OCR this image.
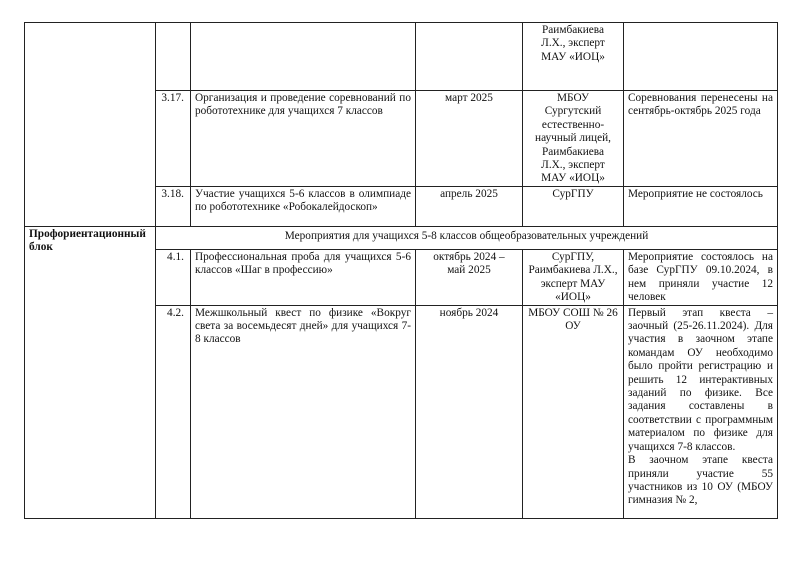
				Раимбакиева Л.Х., эксперт МАУ «ИОЦ»	
	3.17.	Организация и проведение соревнований по робототехнике для учащихся 7 классов	март 2025	МБОУ Сургутский естественно-научный лицей, Раимбакиева Л.Х., эксперт МАУ «ИОЦ»	Соревнования перенесены на сентябрь-октябрь 2025 года
	3.18.	Участие учащихся 5-6 классов в олимпиаде по робототехнике «Робокалейдоскоп»	апрель 2025	СурГПУ	Мероприятие не состоялось
Профориентационный блок	Мероприятия для учащихся 5-8 классов общеобразовательных учреждений				
	4.1.	Профессиональная проба для учащихся 5-6 классов «Шаг в профессию»	октябрь 2024 – май 2025	СурГПУ, Раимбакиева Л.Х., эксперт МАУ «ИОЦ»	Мероприятие состоялось на базе СурГПУ 09.10.2024, в нем приняли участие 12 человек
	4.2.	Межшкольный квест по физике «Вокруг света за восемьдесят дней» для учащихся 7-8 классов	ноябрь 2024	МБОУ СОШ № 26 ОУ	Первый этап квеста – заочный (25-26.11.2024). Для участия в заочном этапе командам ОУ необходимо было пройти регистрацию и решить 12 интерактивных заданий по физике. Все задания составлены в соответствии с программным материалом по физике для учащихся 7-8 классов.
В заочном этапе квеста приняли участие 55 участников из 10 ОУ (МБОУ гимназия № 2,
